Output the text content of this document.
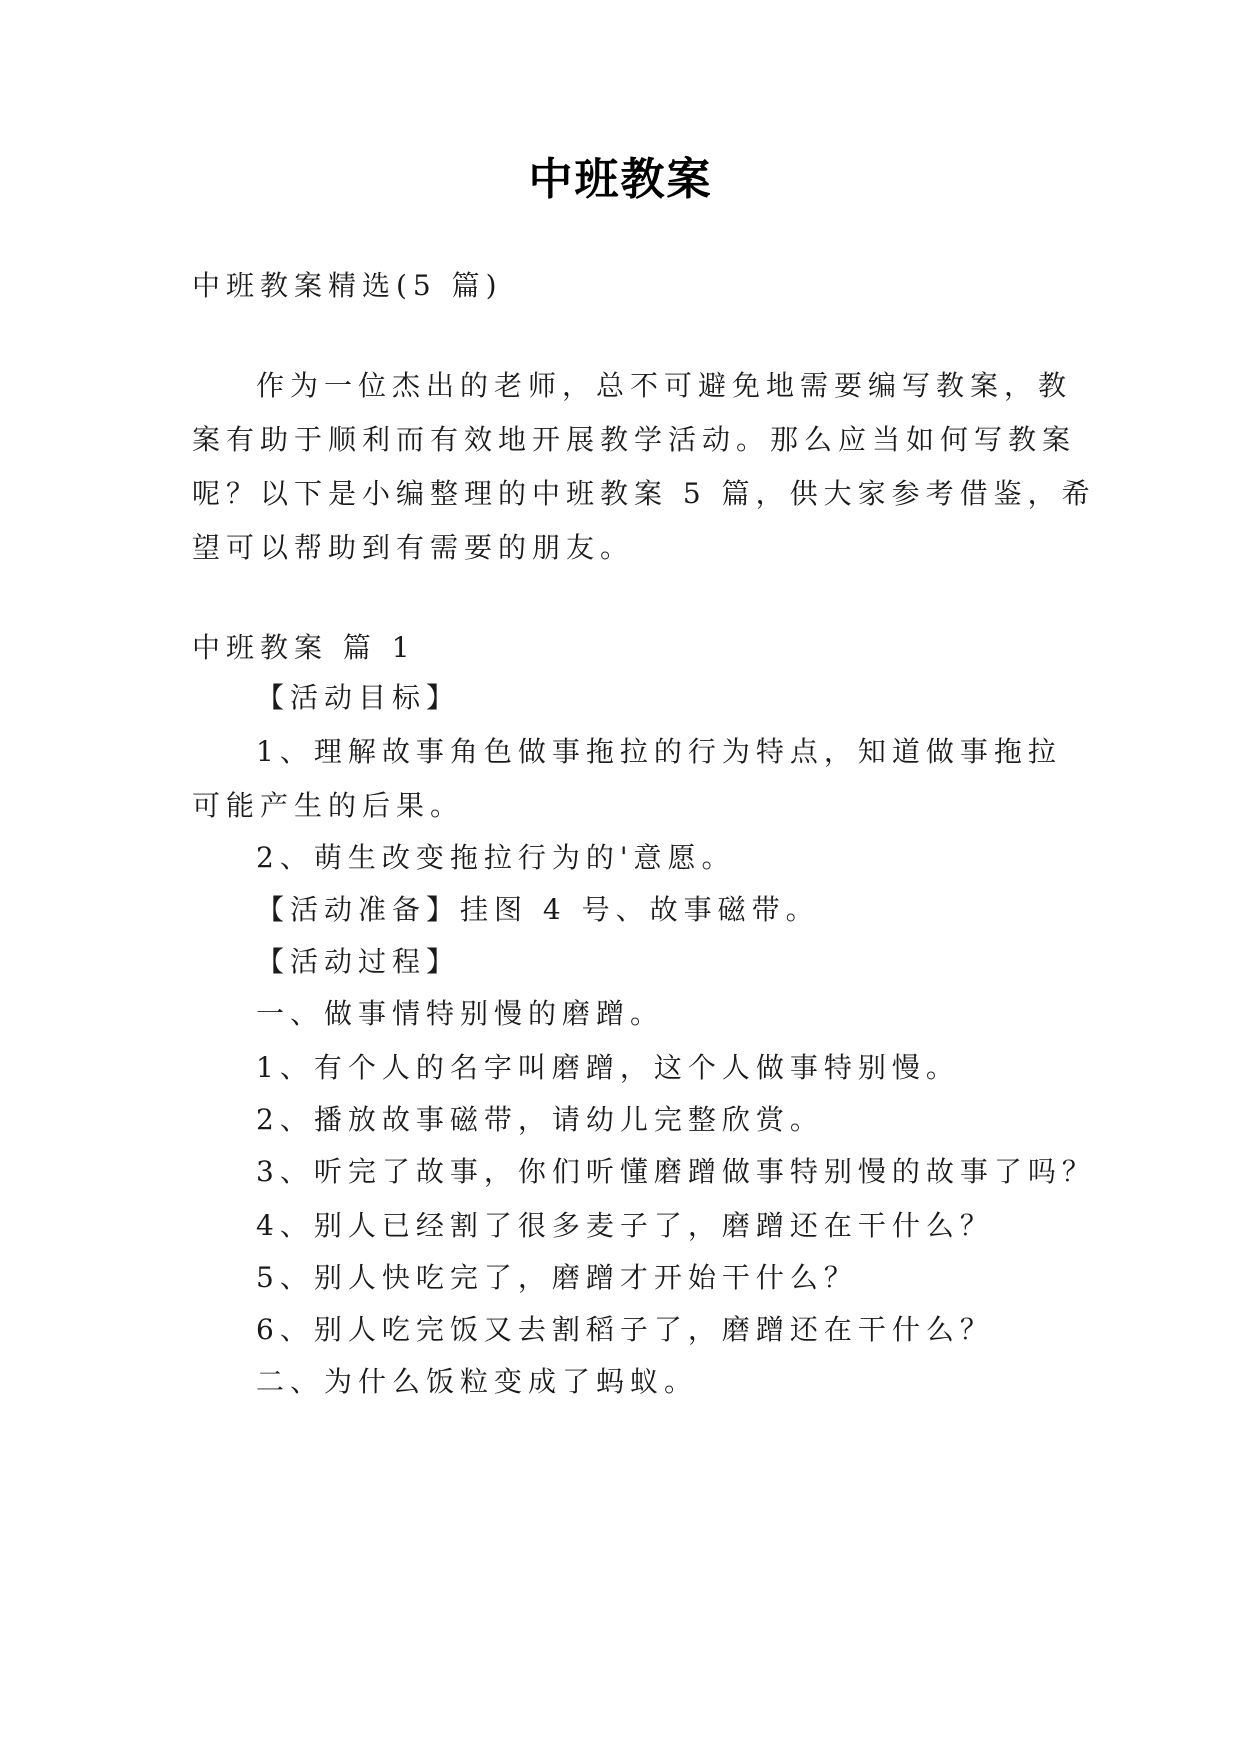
中班教案
中班教案精选(5 篇)
作为一位杰出的老师，总不可避免地需要编写教案，教
案有助于顺利而有效地开展教学活动。那么应当如何写教案
呢？以下是小编整理的中班教案 5 篇，供大家参考借鉴，希
望可以帮助到有需要的朋友。
中班教案 篇 1
【活动目标】
1、理解故事角色做事拖拉的行为特点，知道做事拖拉
可能产生的后果。
2、萌生改变拖拉行为的'意愿。
【活动准备】挂图 4 号、故事磁带。
【活动过程】
一、做事情特别慢的磨蹭。
1、有个人的名字叫磨蹭，这个人做事特别慢。
2、播放故事磁带，请幼儿完整欣赏。
3、听完了故事，你们听懂磨蹭做事特别慢的故事了吗？
4、别人已经割了很多麦子了，磨蹭还在干什么？
5、别人快吃完了，磨蹭才开始干什么？
6、别人吃完饭又去割稻子了，磨蹭还在干什么？
二、为什么饭粒变成了蚂蚁。
